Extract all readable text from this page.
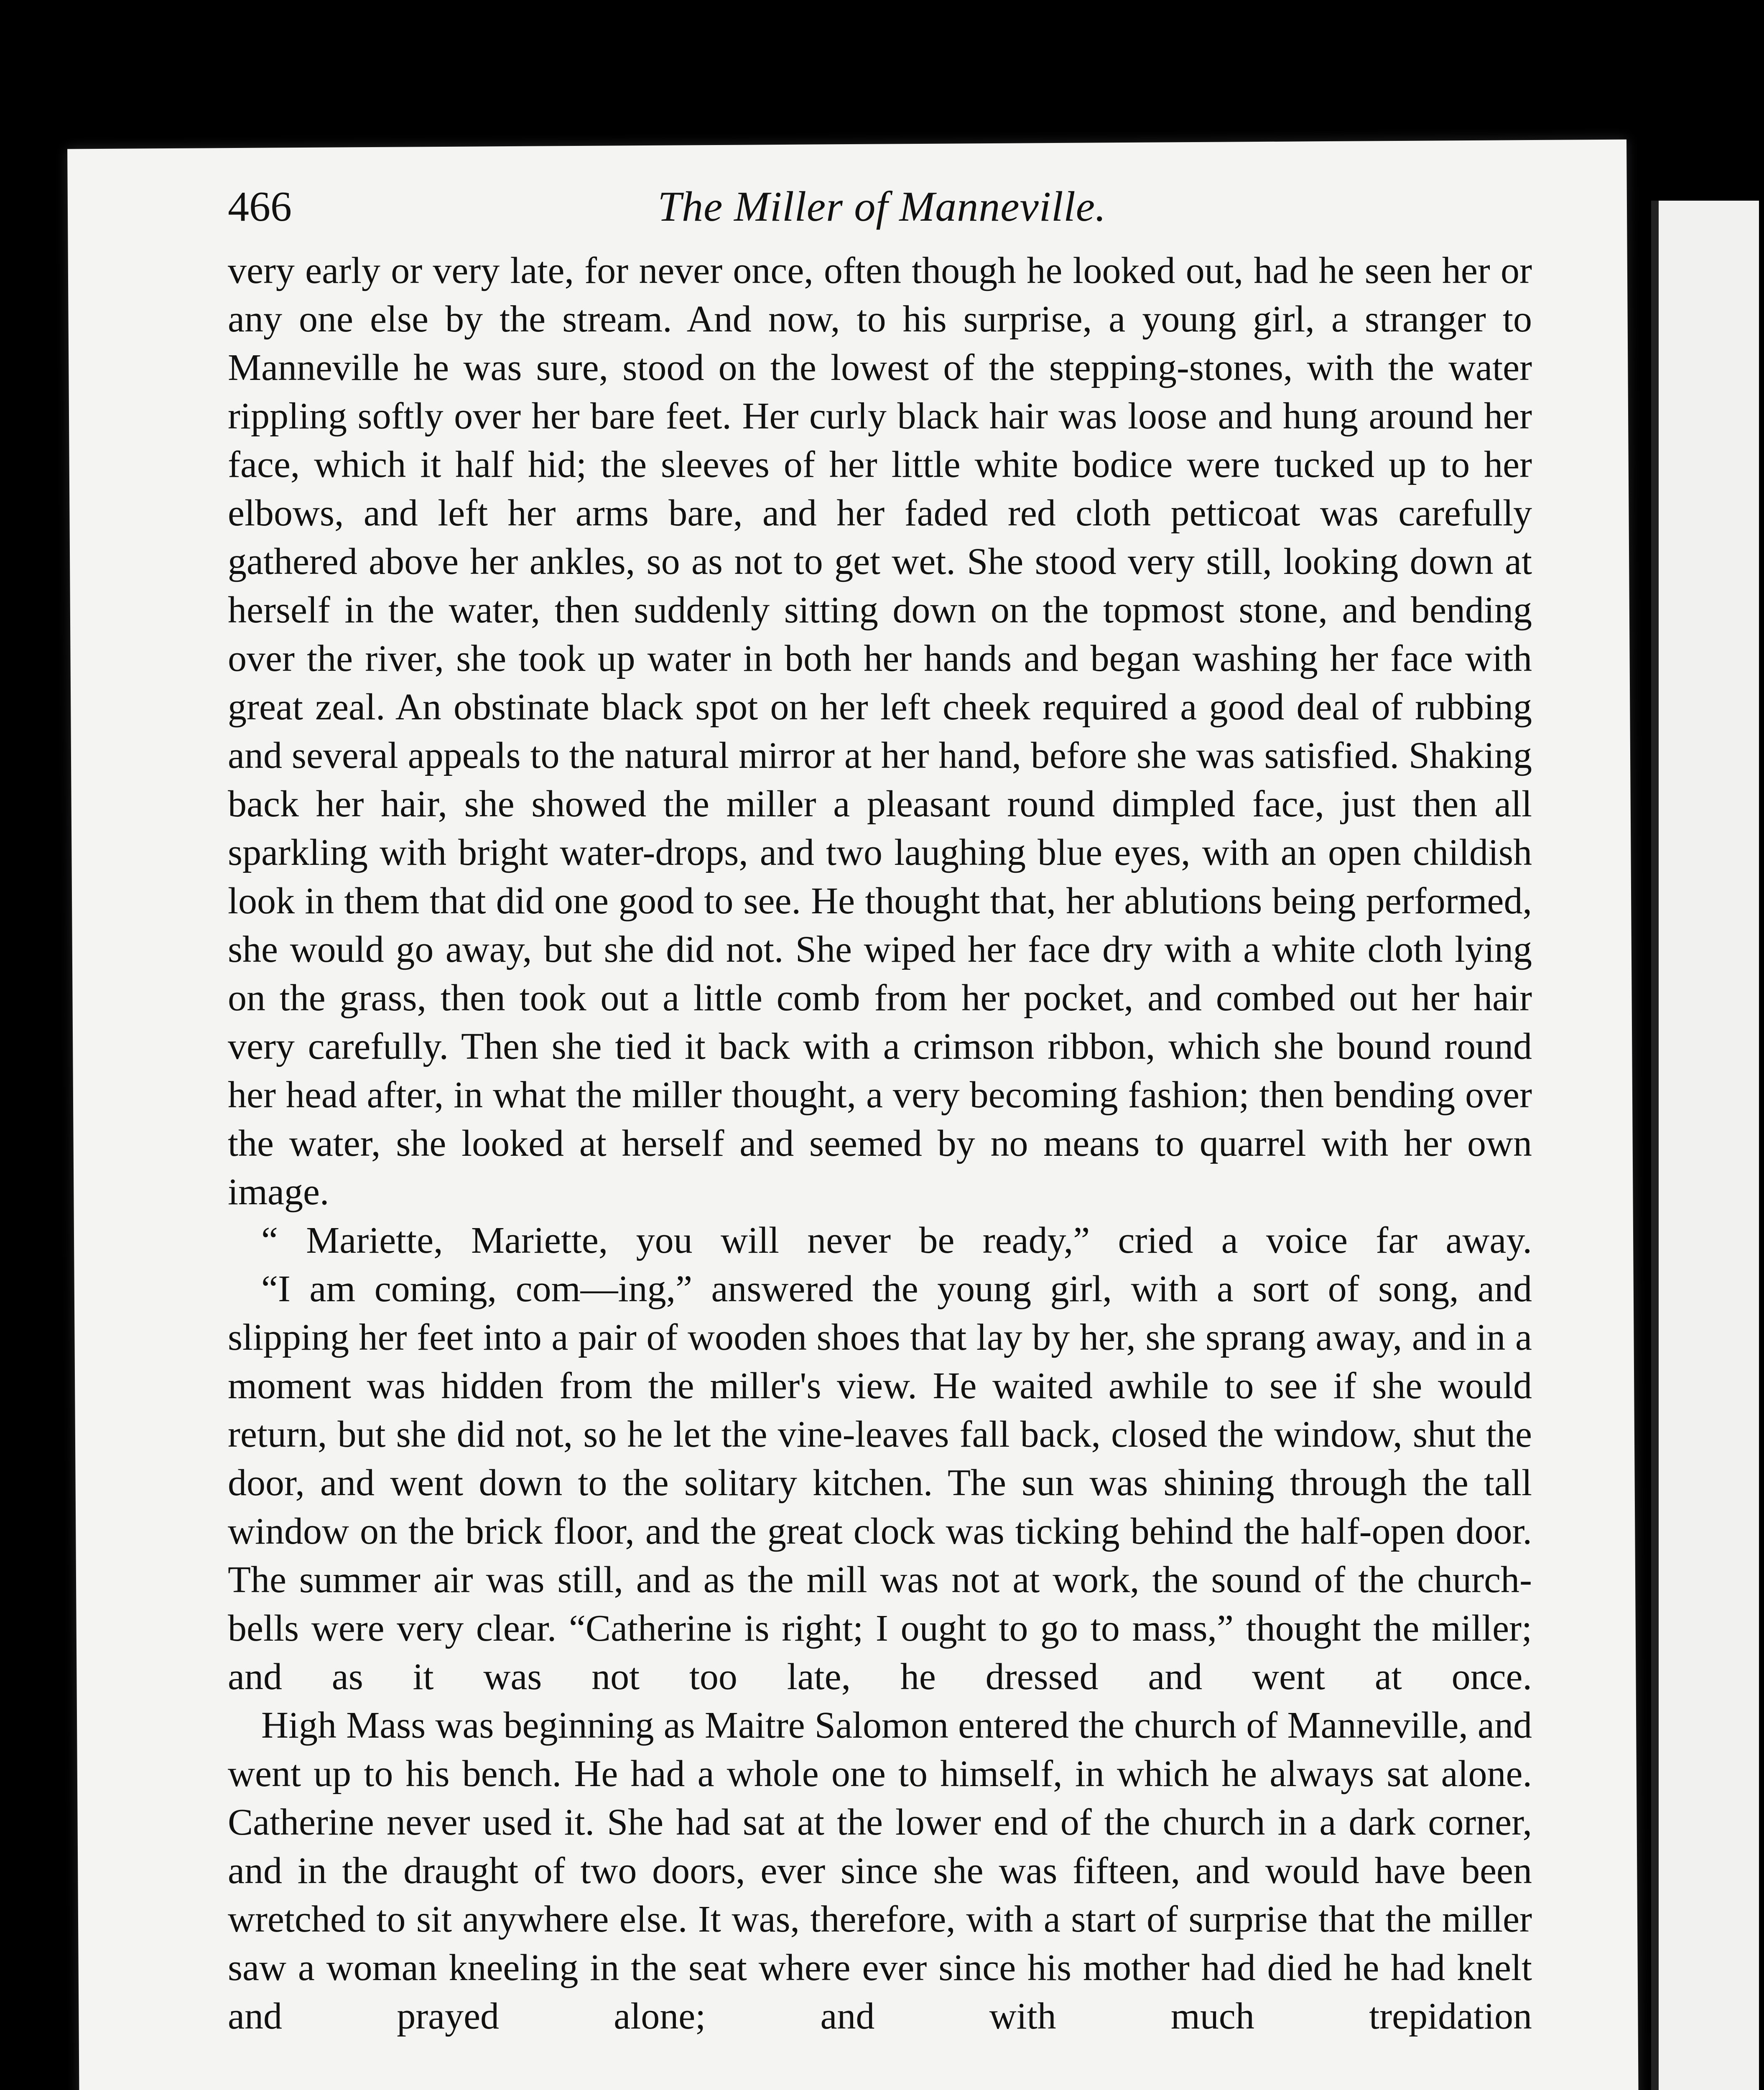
466	The Miller of Manneville.

very early or very late, for never once, often though he looked out, had he seen her or any one else by the stream. And now, to his surprise, a young girl, a stranger to Manneville he was sure, stood on the lowest of the stepping-stones, with the water rippling softly over her bare feet. Her curly black hair was loose and hung around her face, which it half hid; the sleeves of her little white bodice were tucked up to her elbows, and left her arms bare, and her faded red cloth petticoat was carefully gathered above her ankles, so as not to get wet. She stood very still, looking down at herself in the water, then suddenly sitting down on the topmost stone, and bending over the river, she took up water in both her hands and began washing her face with great zeal. An obstinate black spot on her left cheek required a good deal of rubbing and several appeals to the natural mirror at her hand, before she was satisfied. Shaking back her hair, she showed the miller a pleasant round dimpled face, just then all sparkling with bright water-drops, and two laughing blue eyes, with an open childish look in them that did one good to see. He thought that, her ablutions being performed, she would go away, but she did not. She wiped her face dry with a white cloth lying on the grass, then took out a little comb from her pocket, and combed out her hair very carefully. Then she tied it back with a crimson ribbon, which she bound round her head after, in what the miller thought, a very becoming fashion; then bending over the water, she looked at herself and seemed by no means to quarrel with her own image.

“ Mariette, Mariette, you will never be ready,” cried a voice far away.

“I am coming, com—ing,” answered the young girl, with a sort of song, and slipping her feet into a pair of wooden shoes that lay by her, she sprang away, and in a moment was hidden from the miller's view. He waited awhile to see if she would return, but she did not, so he let the vine-leaves fall back, closed the window, shut the door, and went down to the solitary kitchen. The sun was shining through the tall window on the brick floor, and the great clock was ticking behind the half-open door. The summer air was still, and as the mill was not at work, the sound of the church-bells were very clear. “Catherine is right; I ought to go to mass,” thought the miller; and as it was not too late, he dressed and went at once.

High Mass was beginning as Maitre Salomon entered the church of Manneville, and went up to his bench. He had a whole one to himself, in which he always sat alone. Catherine never used it. She had sat at the lower end of the church in a dark corner, and in the draught of two doors, ever since she was fifteen, and would have been wretched to sit anywhere else. It was, therefore, with a start of surprise that the miller saw a woman kneeling in the seat where ever since his mother had died he had knelt and prayed alone; and with much trepidation
